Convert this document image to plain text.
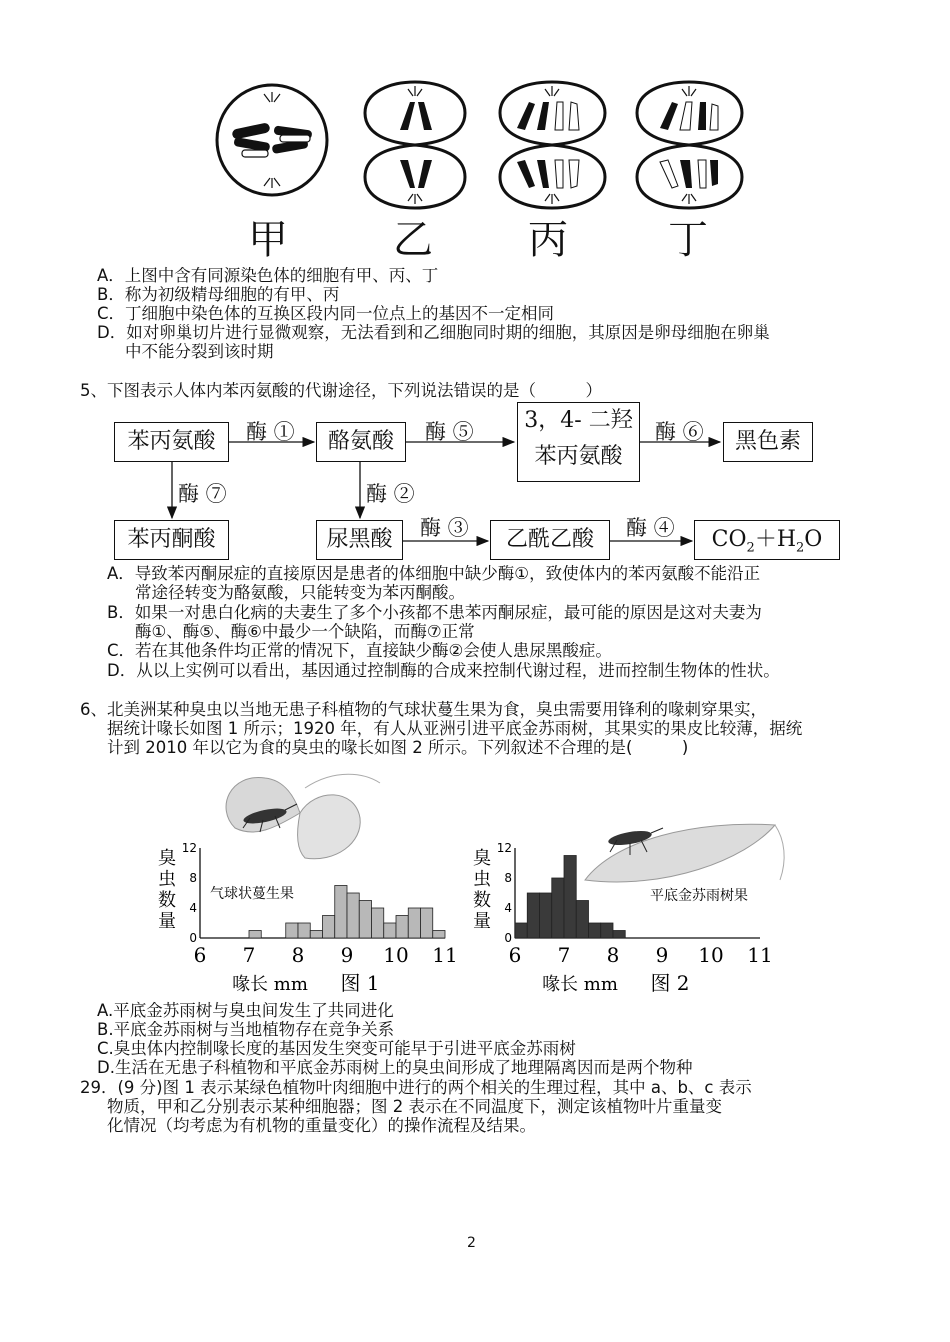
甲	乙 丙	丁
A．上图中含有同源染色体的细胞有甲、丙、丁
B．称为初级精母细胞的有甲、丙
C．丁细胞中染色体的互换区段内同一位点上的基因不一定相同
D．如对卵巢切片进行显微观察，无法看到和乙细胞同时期的细胞，其原因是卵母细胞在卵巢
中不能分裂到该时期
5、下图表示人体内苯丙氨酸的代谢途径，下列说法错误的是（　　　）
苯丙氨酸	酪氨酸
3，4- 二羟
苯丙氨酸
黑色素
苯丙酮酸	尿黑酸	乙酰乙酸	$CO_2+H_2O$
酶 ①	酶 ⑤	酶 ⑥
酶 ⑦	酶 ②
酶 ③	酶 ④
A．导致苯丙酮尿症的直接原因是患者的体细胞中缺少酶①，致使体内的苯丙氨酸不能沿正
常途径转变为酪氨酸，只能转变为苯丙酮酸。
B．如果一对患白化病的夫妻生了多个小孩都不患苯丙酮尿症，最可能的原因是这对夫妻为
酶①、酶⑤、酶⑥中最少一个缺陷，而酶⑦正常
C．若在其他条件均正常的情况下，直接缺少酶②会使人患尿黑酸症。
D．从以上实例可以看出，基因通过控制酶的合成来控制代谢过程，进而控制生物体的性状。
6、北美洲某种臭虫以当地无患子科植物的气球状蔓生果为食，臭虫需要用锋利的喙刺穿果实，
据统计喙长如图 1 所示；1920 年，有人从亚洲引进平底金苏雨树，其果实的果皮比较薄，据统
计到 2010 年以它为食的臭虫的喙长如图 2 所示。下列叙述不合理的是(　　　)
6 7 8 9 10 11
0
4
8
12
臭
虫
数
量
喙长 mm 图 1
气球状蔓生果
6 7 8 9 10 11
0
4
8
12
臭
虫
数
量
喙长 mm 图 2
平底金苏雨树果
A.平底金苏雨树与臭虫间发生了共同进化
B.平底金苏雨树与当地植物存在竞争关系
C.臭虫体内控制喙长度的基因发生突变可能早于引进平底金苏雨树
D.生活在无患子科植物和平底金苏雨树上的臭虫间形成了地理隔离因而是两个物种
29．(9 分)图 1 表示某绿色植物叶肉细胞中进行的两个相关的生理过程，其中 a、b、c 表示
物质，甲和乙分别表示某种细胞器；图 2 表示在不同温度下，测定该植物叶片重量变
化情况（均考虑为有机物的重量变化）的操作流程及结果。
2
